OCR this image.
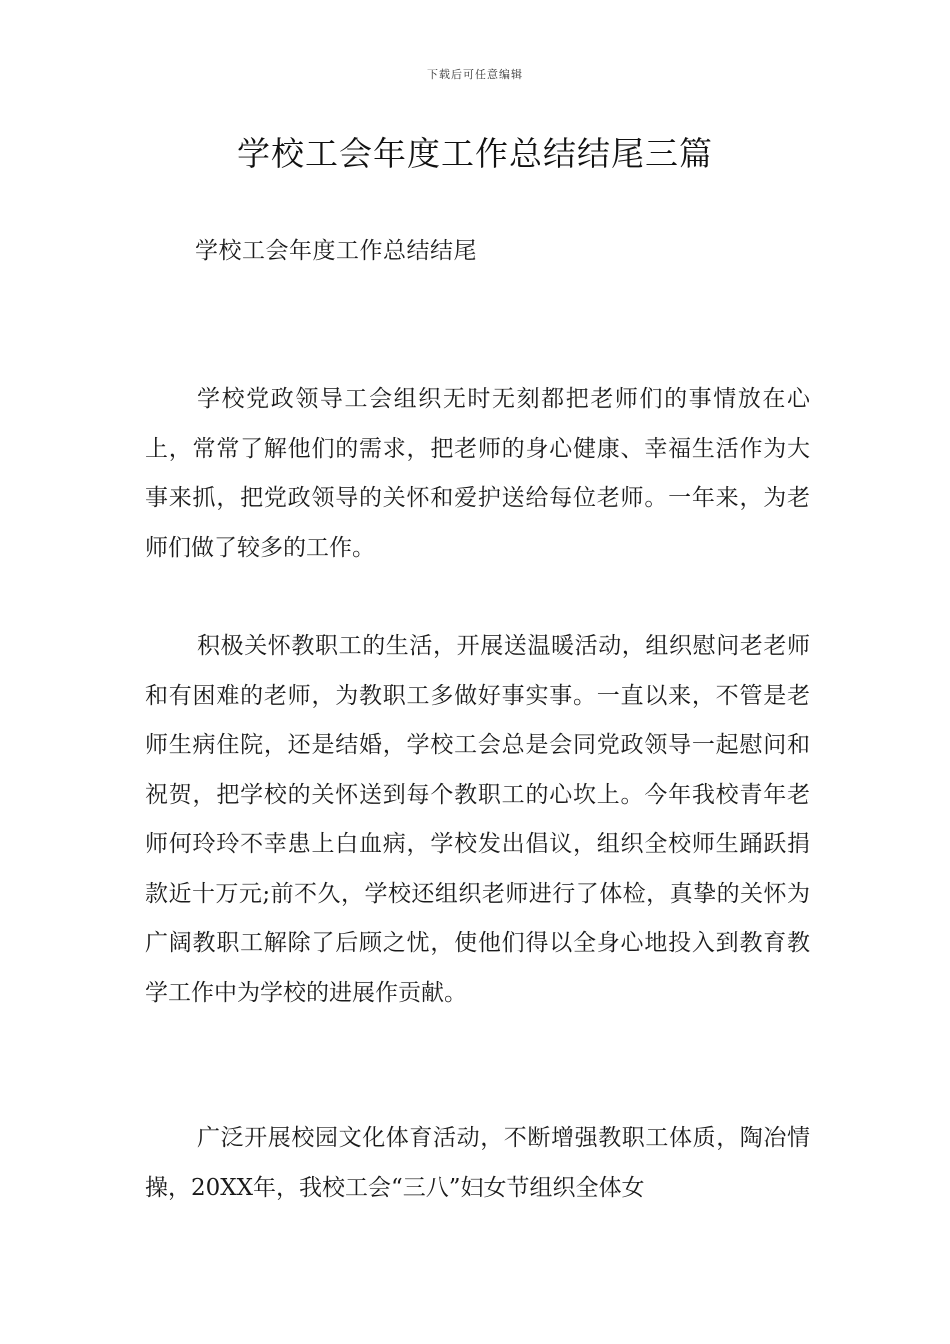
下载后可任意编辑
学校工会年度工作总结结尾三篇
学校工会年度工作总结结尾

学校党政领导工会组织无时无刻都把老师们的事情放在心上，常常了解他们的需求，把老师的身心健康、幸福生活作为大事来抓，把党政领导的关怀和爱护送给每位老师。一年来，为老师们做了较多的工作。

积极关怀教职工的生活，开展送温暖活动，组织慰问老老师和有困难的老师，为教职工多做好事实事。一直以来，不管是老师生病住院，还是结婚，学校工会总是会同党政领导一起慰问和祝贺，把学校的关怀送到每个教职工的心坎上。今年我校青年老师何玲玲不幸患上白血病，学校发出倡议，组织全校师生踊跃捐款近十万元;前不久，学校还组织老师进行了体检，真挚的关怀为广阔教职工解除了后顾之忧，使他们得以全身心地投入到教育教学工作中为学校的进展作贡献。

广泛开展校园文化体育活动，不断增强教职工体质，陶冶情操，20XX年，我校工会“三八”妇女节组织全体女
